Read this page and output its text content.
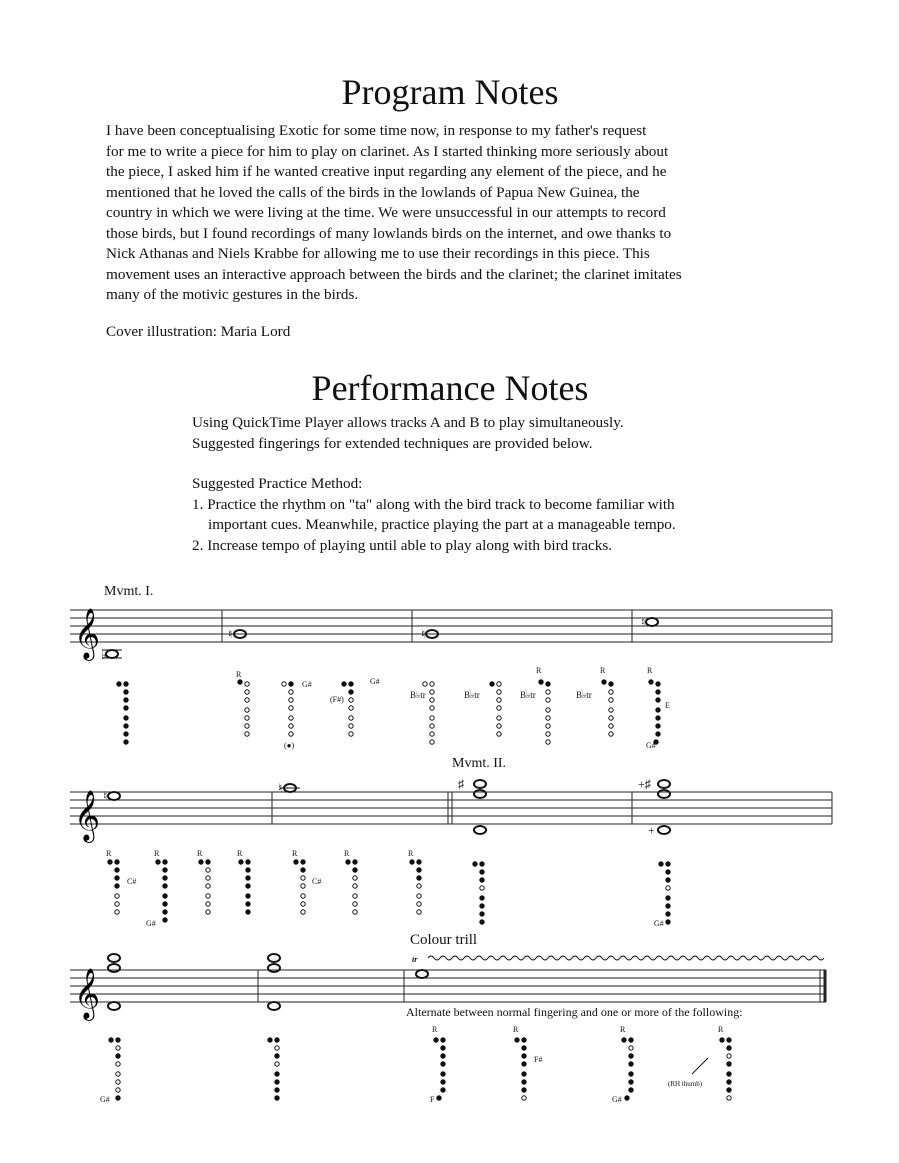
Program Notes
I have been conceptualising Exotic for some time now, in response to my father's request
for me to write a piece for him to play on clarinet. As I started thinking more seriously about
the piece, I asked him if he wanted creative input regarding any element of the piece, and he
mentioned that he loved the calls of the birds in the lowlands of Papua New Guinea, the
country in which we were living at the time. We were unsuccessful in our attempts to record
those birds, but I found recordings of many lowlands birds on the internet, and owe thanks to
Nick Athanas and Niels Krabbe for allowing me to use their recordings in this piece. This
movement uses an interactive approach between the birds and the clarinet; the clarinet imitates
many of the motivic gestures in the birds.
Cover illustration: Maria Lord
Performance Notes
Using QuickTime Player allows tracks A and B to play simultaneously.
Suggested fingerings for extended techniques are provided below.
Suggested Practice Method:
1. Practice the rhythm on "ta" along with the bird track to become familiar with
important cues. Meanwhile, practice playing the part at a manageable tempo.
2. Increase tempo of playing until able to play along with bird tracks.
Mvmt. I.
Mvmt. II.
Colour trill
Alternate between normal fingering and one or more of the following:
𝄞 ♭
♮	♮
♮
R
G#
(●)
(F#)
G#
R	R	R
E
G#
B♭tr	B♭tr	B♭tr	B♭tr
𝄞 ♮
♮	♯	+♯
+
R	R	R	R	R	R	R
C#	C#
G#	G#
𝄞
tr
R	R	R	R
G#	F
F#
G#
(RH thumb)
